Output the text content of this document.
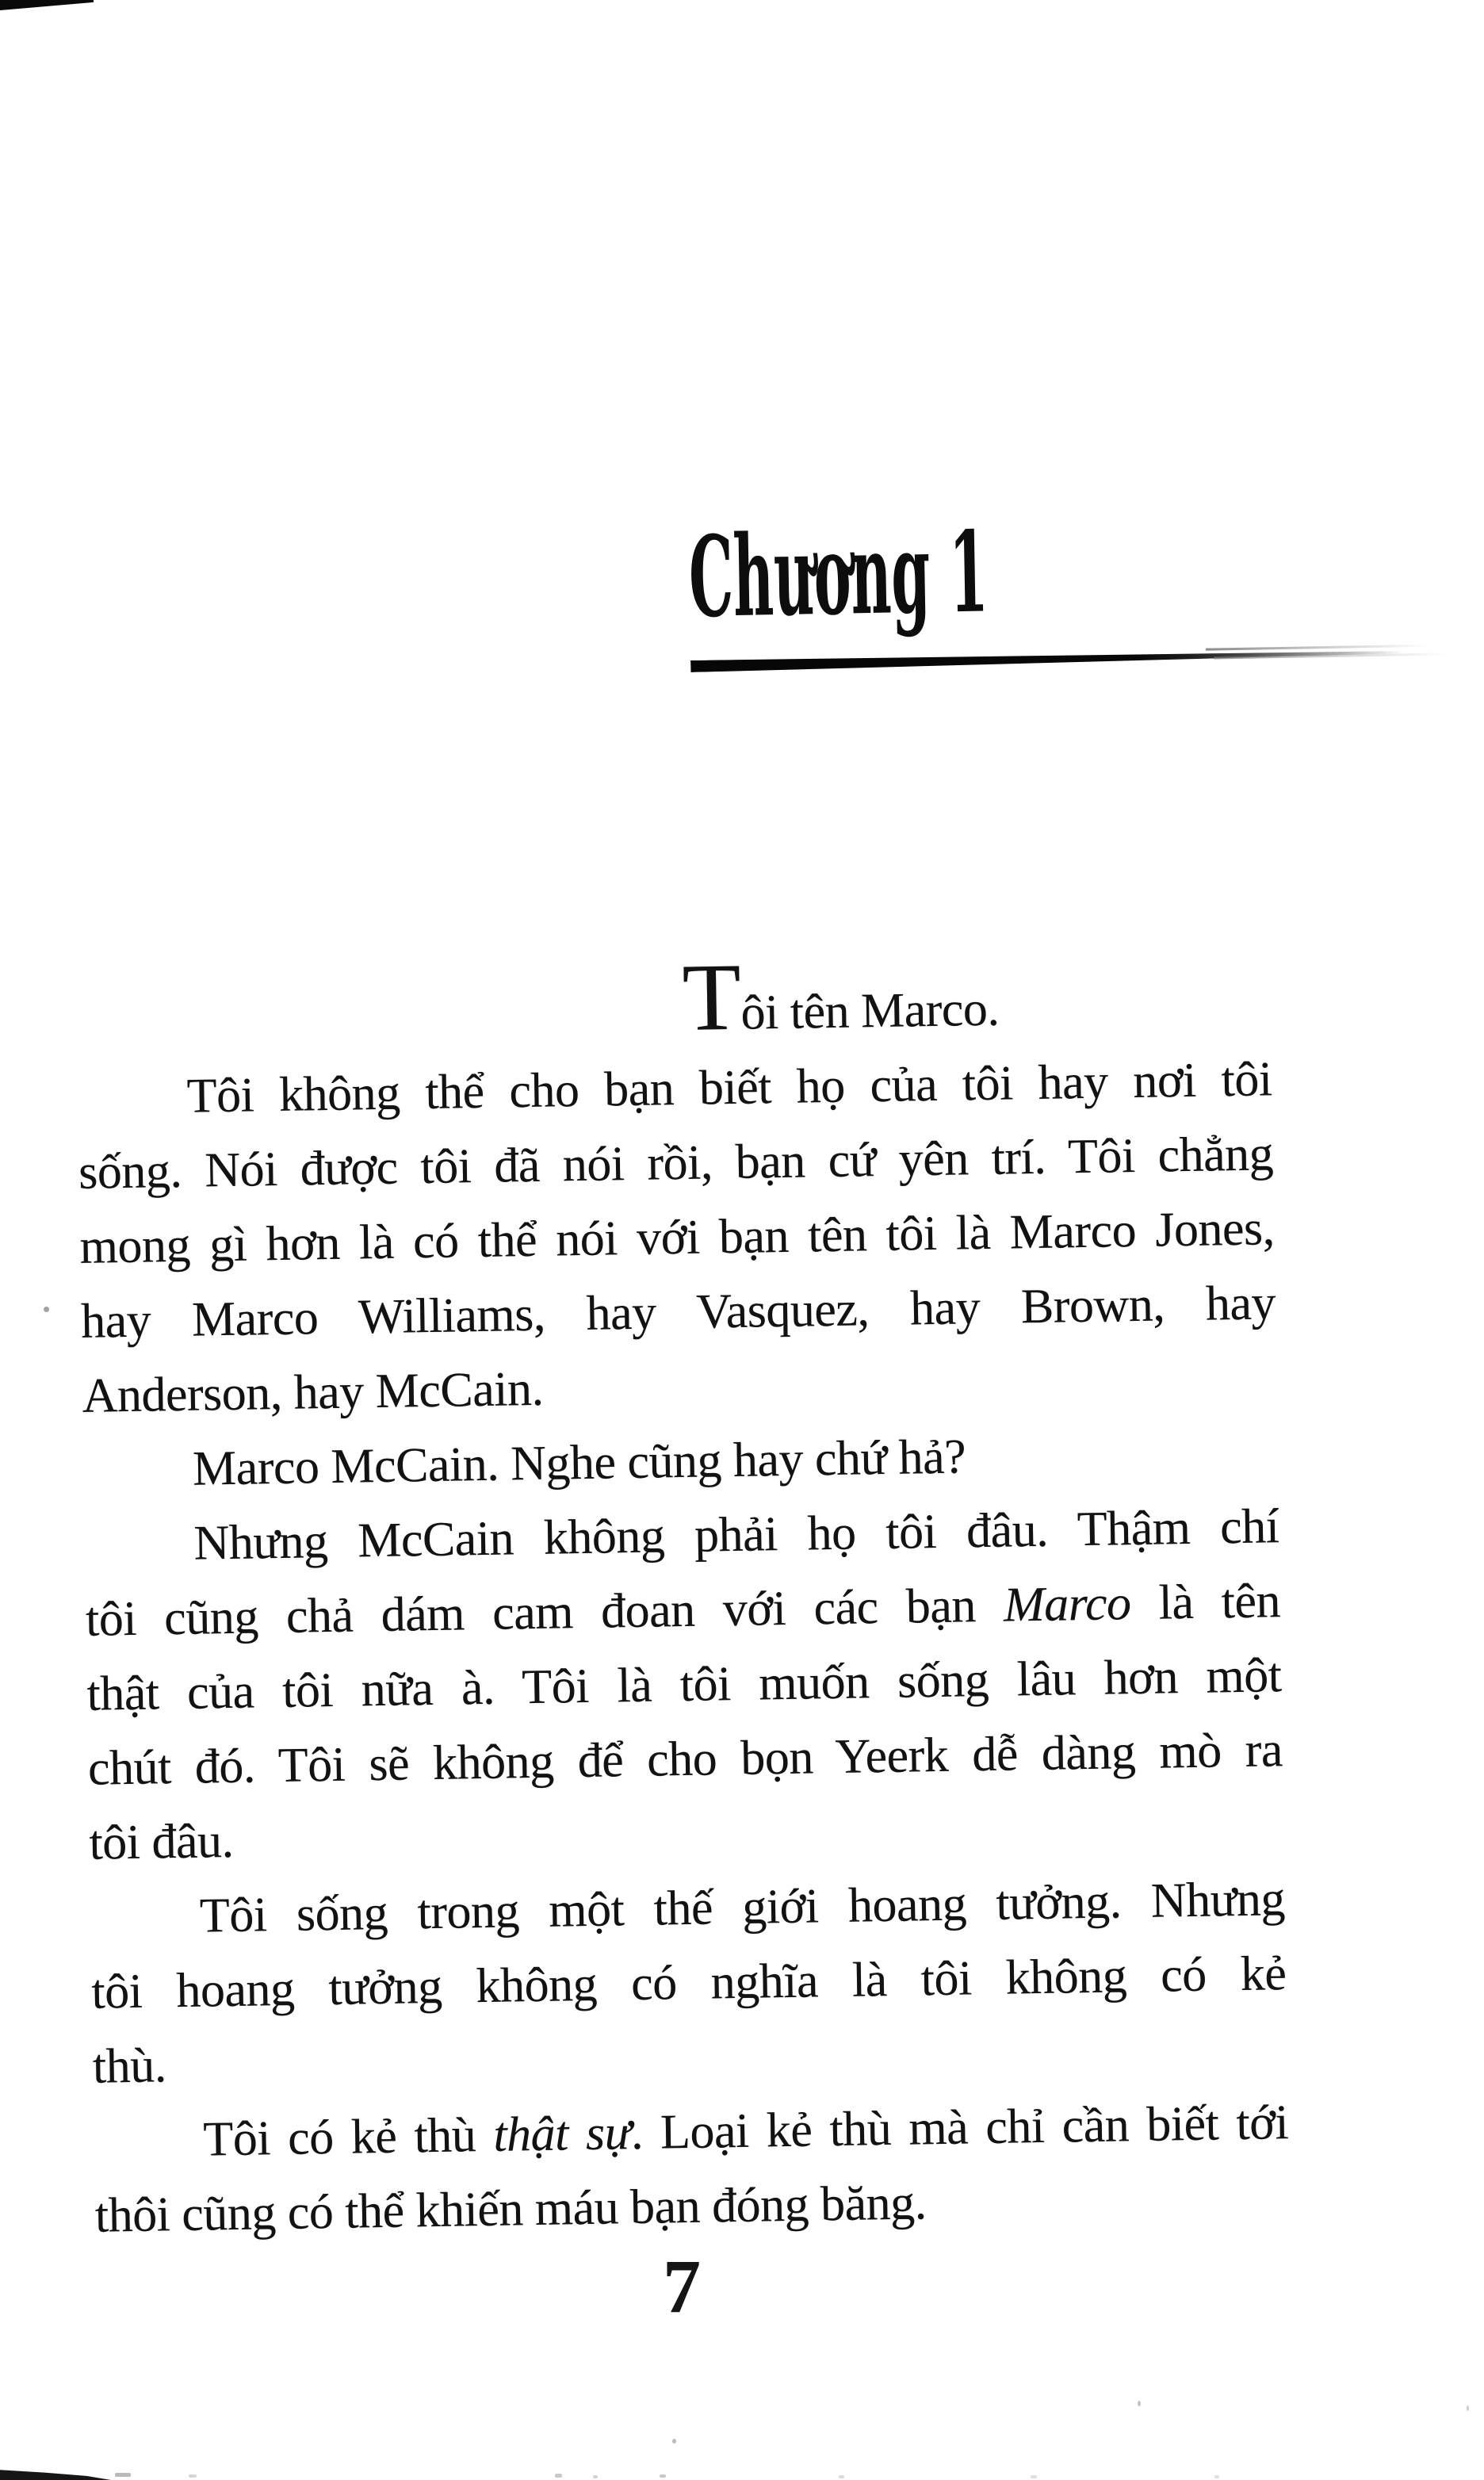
Chương 1
Tôi tên Marco.
Tôi không thể cho bạn biết họ của tôi hay nơi tôi
sống. Nói được tôi đã nói rồi, bạn cứ yên trí. Tôi chẳng
mong gì hơn là có thể nói với bạn tên tôi là Marco Jones,
hay Marco Williams, hay Vasquez, hay Brown, hay
Anderson, hay McCain.
Marco McCain. Nghe cũng hay chứ hả?
Nhưng McCain không phải họ tôi đâu. Thậm chí
tôi cũng chả dám cam đoan với các bạn Marco là tên
thật của tôi nữa à. Tôi là tôi muốn sống lâu hơn một
chút đó. Tôi sẽ không để cho bọn Yeerk dễ dàng mò ra
tôi đâu.
Tôi sống trong một thế giới hoang tưởng. Nhưng
tôi hoang tưởng không có nghĩa là tôi không có kẻ
thù.
Tôi có kẻ thù thật sự. Loại kẻ thù mà chỉ cần biết tới
thôi cũng có thể khiến máu bạn đóng băng.
7
